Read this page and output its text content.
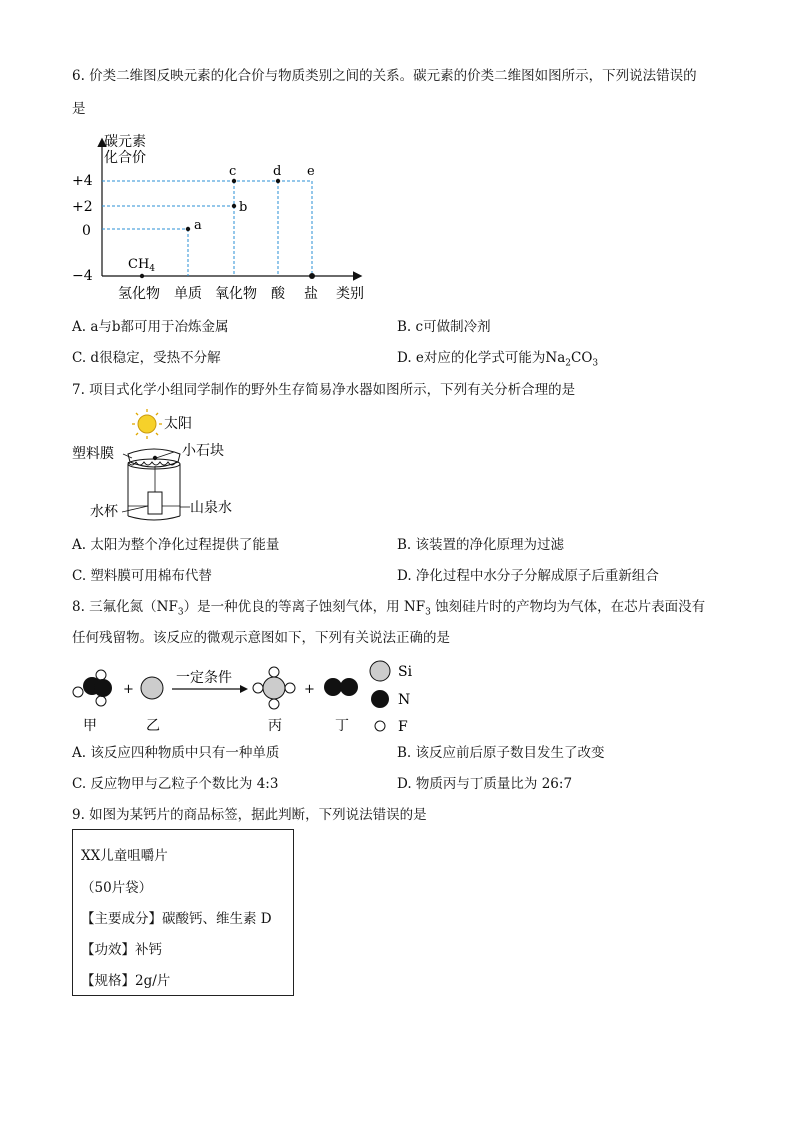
6. 价类二维图反映元素的化合价与物质类别之间的关系。碳元素的价类二维图如图所示，下列说法错误的
是
碳元素
化合价
+4
+2
0
−4
$CH_4$
a
b
c	d e
氢化物 单质 氧化物 酸 盐 类别
A. a与b都可用于冶炼金属	B. c可做制冷剂
C. d很稳定，受热不分解	D. e对应的化学式可能为$Na_2CO_3$
7. 项目式化学小组同学制作的野外生存简易净水器如图所示，下列有关分析合理的是
太阳
塑料膜	小石块
水杯	山泉水
A. 太阳为整个净化过程提供了能量	B. 该装置的净化原理为过滤
C. 塑料膜可用棉布代替	D. 净化过程中水分子分解成原子后重新组合
8. 三氟化氮$(NF_3)$是一种优良的等离子蚀刻气体，用 $NF_3$ 蚀刻硅片时的产物均为气体，在芯片表面没有
任何残留物。该反应的微观示意图如下，下列有关说法正确的是
+
一定条件
+
Si
N
F
甲	乙	丙	丁
A. 该反应四种物质中只有一种单质	B. 该反应前后原子数目发生了改变
C. 反应物甲与乙粒子个数比为 4:3	D. 物质丙与丁质量比为 26:7
9. 如图为某钙片的商品标签，据此判断，下列说法错误的是
XX儿童咀嚼片
（50片袋）
【主要成分】碳酸钙、维生素 D
【功效】补钙
【规格】2g/片
